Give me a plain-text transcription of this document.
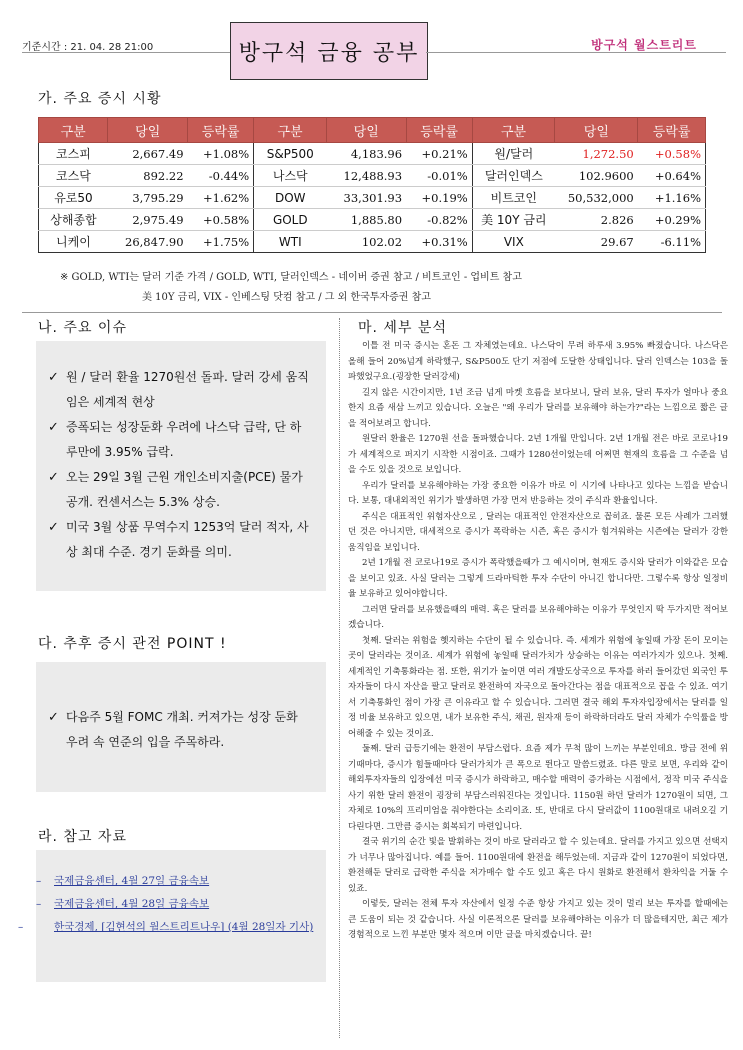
기준시간 : 21. 04. 28 21:00	방구석 금융 공부	방구석 월스트리트
가. 주요 증시 시황
구분	당일	등락률	구분	당일	등락률	구분	당일	등락률
코스피	2,667.49	+1.08%	S&P500	4,183.96	+0.21%	원/달러	1,272.50	+0.58%
코스닥	892.22	-0.44%	나스닥	12,488.93	-0.01%	달러인덱스	102.9600	+0.64%
유로50	3,795.29	+1.62%	DOW	33,301.93	+0.19%	비트코인	50,532,000	+1.16%
상해종합	2,975.49	+0.58%	GOLD	1,885.80	-0.82%	美 10Y 금리	2.826	+0.29%
니케이	26,847.90	+1.75%	WTI	102.02	+0.31%	VIX	29.67	-6.11%
※ GOLD, WTI는 달러 기준 가격 / GOLD, WTI, 달러인덱스 - 네이버 증권 참고 / 비트코인 - 업비트 참고
美 10Y 금리, VIX - 인베스팅 닷컴 참고 / 그 외 한국투자증권 참고
나. 주요 이슈
✓ 원 / 달러 환율 1270원선 돌파. 달러 강세 움직임은 세계적 현상
✓ 증폭되는 성장둔화 우려에 나스닥 급락, 단 하루만에 3.95% 급락.
✓ 오는 29일 3월 근원 개인소비지출(PCE) 물가 공개. 컨센서스는 5.3% 상승.
✓ 미국 3월 상품 무역수지 1253억 달러 적자, 사상 최대 수준. 경기 둔화를 의미.
다. 추후 증시 관전 POINT !
✓ 다음주 5월 FOMC 개최. 커져가는 성장 둔화 우려 속 연준의 입을 주목하라.
라. 참고 자료
– 국제금융센터, 4월 27일 금융속보
– 국제금융센터, 4월 28일 금융속보
–	한국경제, [김현석의 월스트리트나우] (4월 28일자 기사)
마. 세부 분석

이틀 전 미국 증시는 혼돈 그 자체였는데요. 나스닥이 무려 하루새 3.95% 빠졌습니다. 나스닥은 올해 들어 20%넘게 하락했구, S&P500도 단기 저점에 도달한 상태입니다. 달러 인덱스는 103을 돌파했었구요.(굉장한 달러강세)

길지 않은 시간이지만, 1년 조금 넘게 마켓 흐름을 보다보니, 달러 보유, 달러 투자가 얼마나 중요한지 요즘 새삼 느끼고 있습니다. 오늘은 "왜 우리가 달러를 보유해야 하는가?"라는 느낌으로 짧은 글을 적어보려고 합니다.

원달러 환율은 1270원 선을 돌파했습니다. 2년 1개월 만입니다. 2년 1개월 전은 바로 코로나19가 세계적으로 퍼지기 시작한 시점이죠. 그때가 1280선이었는데 어쩌면 현재의 흐름을 그 수준을 넘을 수도 있을 것으로 보입니다.

우리가 달러를 보유해야하는 가장 중요한 이유가 바로 이 시기에 나타나고 있다는 느낌을 받습니다. 보통, 대내외적인 위기가 발생하면 가장 먼저 반응하는 것이 주식과 환율입니다.

주식은 대표적인 위험자산으로 , 달러는 대표적인 안전자산으로 꼽히죠. 물론 모든 사례가 그러했던 것은 아니지만, 대세적으로 증시가 폭락하는 시즌, 혹은 증시가 힘겨워하는 시즌에는 달러가 강한 움직임을 보입니다.

2년 1개월 전 코로나19로 증시가 폭락했을때가 그 예시이며, 현재도 증시와 달러가 이와같은 모습을 보이고 있죠. 사실 달러는 그렇게 드라마틱한 투자 수단이 아니긴 합니다만. 그렇수록 항상 일정비율 보유하고 있어야합니다.

그러면 달러를 보유했을때의 매력. 혹은 달러를 보유해야하는 이유가 무엇인지 딱 두가지만 적어보겠습니다.

첫째. 달러는 위험을 헷지하는 수단이 될 수 있습니다. 즉. 세계가 위험에 놓일때 가장 돈이 모이는 곳이 달러라는 것이죠. 세계가 위험에 놓일때 달러가치가 상승하는 이유는 여러가지가 있으나. 첫째. 세계적인 기축통화라는 점. 또한, 위기가 높이면 여러 개발도상국으로 투자를 하러 들어갔던 외국인 투자자들이 다시 자산을 팔고 달러로 환전하여 자국으로 돌아간다는 점을 대표적으로 꼽을 수 있죠. 여기서 기축통화인 점이 가장 큰 이유라고 할 수 있습니다. 그러면 결국 해외 투자자입장에서는 달러를 일정 비율 보유하고 있으면, 내가 보유한 주식, 채권, 원자재 등이 하락하더라도 달러 자체가 수익률을 방어해줄 수 있는 것이죠.

둘째. 달러 급등기에는 환전이 부담스럽다. 요즘 제가 무척 많이 느끼는 부분인데요. 방금 전에 위기때마다, 증시가 힘들때마다 달러가치가 큰 폭으로 뛴다고 말씀드렸죠. 다른 말로 보면, 우리와 같이 해외투자자들의 입장에선 미국 증시가 하락하고, 매수할 매력이 증가하는 시점에서, 정작 미국 주식을 사기 위한 달러 환전이 굉장히 부담스러워진다는 것입니다. 1150원 하던 달러가 1270원이 되면, 그 자체로 10%의 프리미엄을 줘야한다는 소리이죠. 또, 반대로 다시 달러값이 1100원대로 내려오길 기다린다면. 그만큼 증시는 회복되기 마련입니다.

결국 위기의 순간 빛을 발휘하는 것이 바로 달러라고 할 수 있는데요. 달러를 가지고 있으면 선택지가 너무나 많아집니다. 예를 들어. 1100원대에 환전을 해두었는데. 지금과 같이 1270원이 되었다면, 환전해둔 달러로 급락한 주식을 저가매수 할 수도 있고 혹은 다시 원화로 환전해서 환차익을 거둘 수 있죠.

이렇듯, 달러는 전체 투자 자산에서 일정 수준 항상 가지고 있는 것이 멀리 보는 투자를 할때에는 큰 도움이 되는 것 같습니다. 사실 이론적으론 달러를 보유해야하는 이유가 더 많을테지만, 최근 제가 경험적으로 느낀 부분만 몇자 적으며 이만 글을 마치겠습니다. 끝!
